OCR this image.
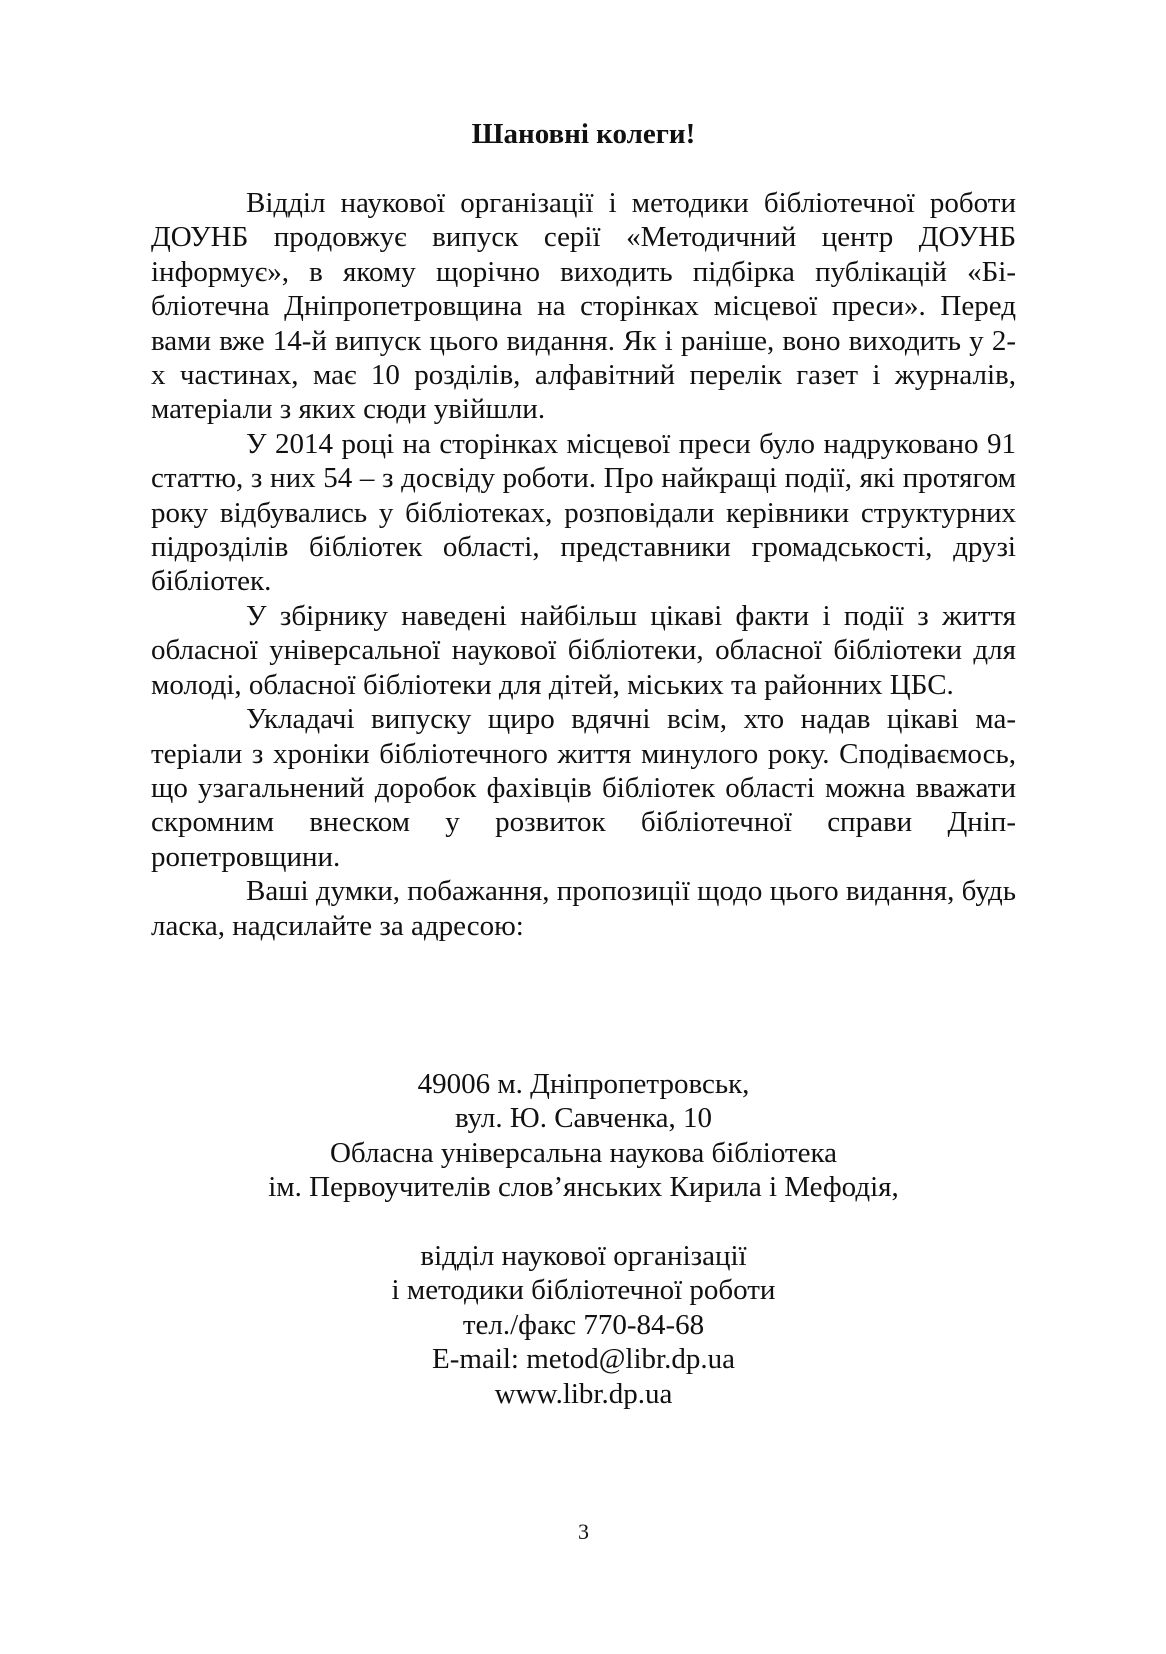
Шановні колеги!

Відділ наукової організації і методики бібліотечної роботи ДОУНБ продовжує випуск серії «Методичний центр ДОУНБ інформує», в якому щорічно виходить підбірка публікацій «Бібліотечна Дніпропетровщина на сторінках місцевої преси». Перед вами вже 14-й випуск цього видання. Як і раніше, воно виходить у 2-х частинах, має 10 розділів, алфавітний перелік газет і журналів, матеріали з яких сюди увійшли.

У 2014 році на сторінках місцевої преси було надруковано 91 статтю, з них 54 – з досвіду роботи. Про найкращі події, які протягом року відбувались у бібліотеках, розповідали керівники структурних підрозділів бібліотек області, представники громадськості, друзі бібліотек.

У збірнику наведені найбільш цікаві факти і події з життя обласної універсальної наукової бібліотеки, обласної бібліотеки для молоді, обласної бібліотеки для дітей, міських та районних ЦБС.

Укладачі випуску щиро вдячні всім, хто надав цікаві матеріали з хроніки бібліотечного життя минулого року. Сподіваємось, що узагальнений доробок фахівців бібліотек області можна вважати скромним внеском у розвиток бібліотечної справи Дніпропетровщини.

Ваші думки, побажання, пропозиції щодо цього видання, будь ласка, надсилайте за адресою:

49006 м. Дніпропетровськ,
вул. Ю. Савченка, 10
Обласна універсальна наукова бібліотека
ім. Первоучителів слов’янських Кирила і Мефодія,
відділ наукової організації
і методики бібліотечної роботи
тел./факс 770-84-68
E-mail: metod@libr.dp.ua
www.libr.dp.ua
3
